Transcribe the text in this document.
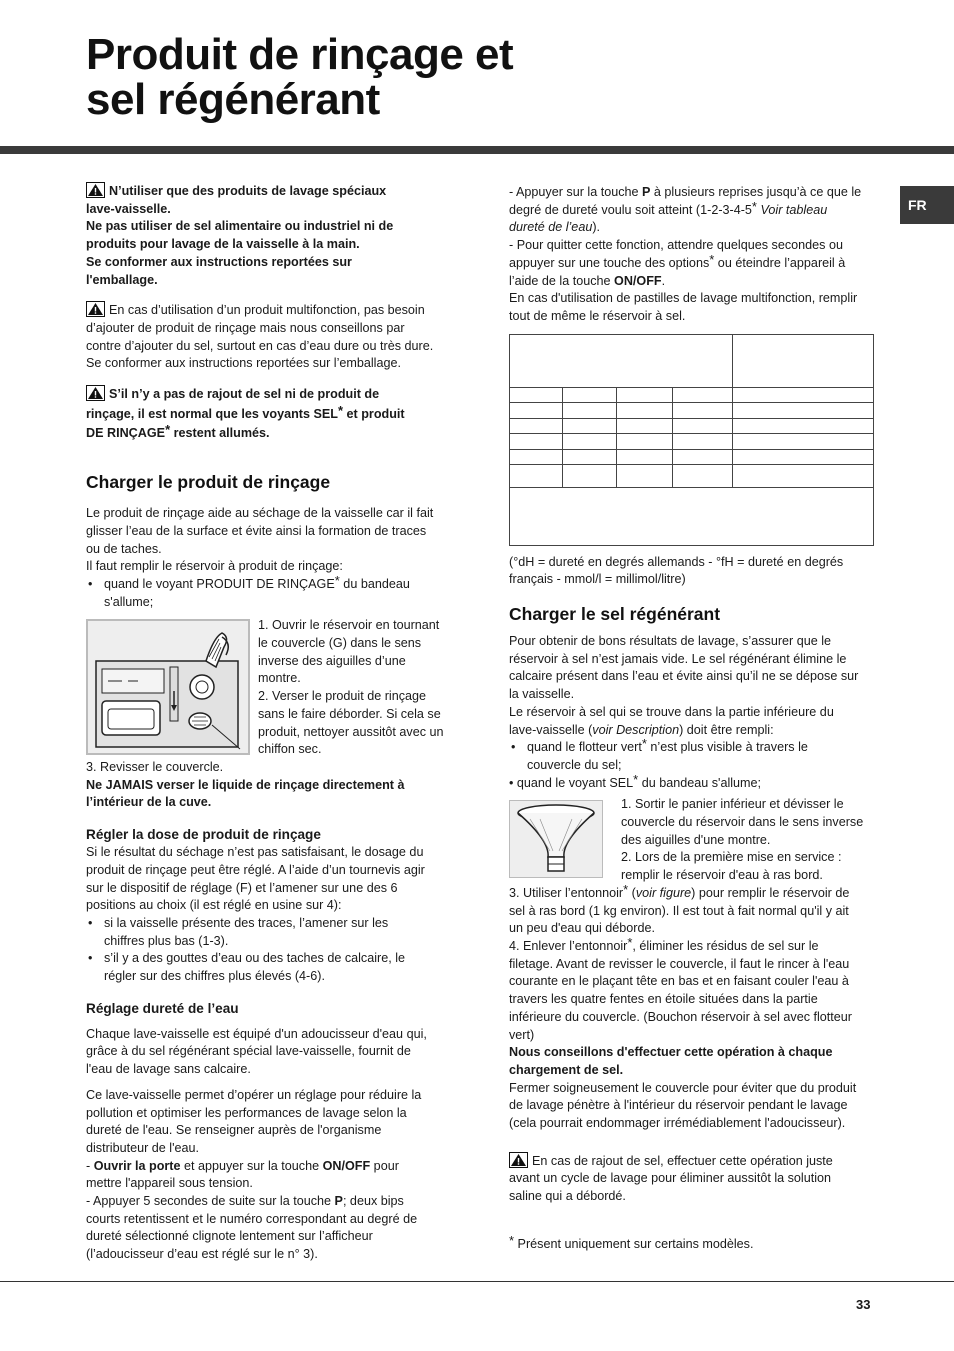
Produit de rinçage et
sel régénérant
FR

N’utiliser que des produits de lavage spéciaux

lave-vaisselle.

Ne pas utiliser de sel alimentaire ou industriel ni de

produits pour lavage de la vaisselle à la main.

Se conformer aux instructions reportées sur

l'emballage.

En cas d’utilisation d’un produit multifonction, pas besoin

d’ajouter de produit de rinçage mais nous conseillons par

contre d’ajouter du sel, surtout en cas d’eau dure ou très dure.

Se conformer aux instructions reportées sur l’emballage.

S’il n’y a pas de rajout de sel ni de produit de

rinçage, il est normal que les voyants SEL* et produit

DE RINÇAGE* restent allumés.

Charger le produit de rinçage

Le produit de rinçage aide au séchage de la vaisselle car il fait

glisser l’eau de la surface et évite ainsi la formation de traces

ou de taches.

Il faut remplir le réservoir à produit de rinçage:

• quand le voyant PRODUIT DE RINÇAGE* du bandeau

s'allume;

1. Ouvrir le réservoir en tournant

le couvercle (G) dans le sens

inverse des aiguilles d’une

montre.

2. Verser le produit de rinçage

sans le faire déborder. Si cela se

produit, nettoyer aussitôt avec un

chiffon sec.

3. Revisser le couvercle.

Ne JAMAIS verser le liquide de rinçage directement à

l’intérieur de la cuve.

Régler la dose de produit de rinçage

Si le résultat du séchage n’est pas satisfaisant, le dosage du

produit de rinçage peut être réglé. A l’aide d’un tournevis agir

sur le dispositif de réglage (F) et l’amener sur une des 6

positions au choix (il est réglé en usine sur 4):

• si la vaisselle présente des traces, l’amener sur les

chiffres plus bas (1-3).

• s’il y a des gouttes d’eau ou des taches de calcaire, le

régler sur des chiffres plus élevés (4-6).

Réglage dureté de l’eau

Chaque lave-vaisselle est équipé d'un adoucisseur d'eau qui,

grâce à du sel régénérant spécial lave-vaisselle, fournit de

l'eau de lavage sans calcaire.

Ce lave-vaisselle permet d’opérer un réglage pour réduire la

pollution et optimiser les performances de lavage selon la

dureté de l'eau. Se renseigner auprès de l'organisme

distributeur de l'eau.

- Ouvrir la porte et appuyer sur la touche ON/OFF pour

mettre l'appareil sous tension.

- Appuyer 5 secondes de suite sur la touche P; deux bips

courts retentissent et le numéro correspondant au degré de

dureté sélectionné clignote lentement sur l’afficheur

(l’adoucisseur d’eau est réglé sur le n° 3).

- Appuyer sur la touche P à plusieurs reprises jusqu’à ce que le

degré de dureté voulu soit atteint (1-2-3-4-5* Voir tableau

dureté de l’eau).

- Pour quitter cette fonction, attendre quelques secondes ou

appuyer sur une touche des options* ou éteindre l’appareil à

l’aide de la touche ON/OFF.

En cas d'utilisation de pastilles de lavage multifonction, remplir

tout de même le réservoir à sel.

(°dH = dureté en degrés allemands - °fH = dureté en degrés

français - mmol/l = millimol/litre)

Charger le sel régénérant

Pour obtenir de bons résultats de lavage, s’assurer que le

réservoir à sel n’est jamais vide. Le sel régénérant élimine le

calcaire présent dans l’eau et évite ainsi qu’il ne se dépose sur

la vaisselle.

Le réservoir à sel qui se trouve dans la partie inférieure du

lave-vaisselle (voir Description) doit être rempli:

• quand le flotteur vert* n’est plus visible à travers le

couvercle du sel;

• quand le voyant SEL* du bandeau s'allume;

1. Sortir le panier inférieur et dévisser le

couvercle du réservoir dans le sens inverse

des aiguilles d'une montre.

2. Lors de la première mise en service :

remplir le réservoir d'eau à ras bord.

3. Utiliser l’entonnoir* (voir figure) pour remplir le réservoir de

sel à ras bord (1 kg environ). Il est tout à fait normal qu'il y ait

un peu d'eau qui déborde.

4. Enlever l’entonnoir*, éliminer les résidus de sel sur le

filetage. Avant de revisser le couvercle, il faut le rincer à l'eau

courante en le plaçant tête en bas et en faisant couler l'eau à

travers les quatre fentes en étoile situées dans la partie

inférieure du couvercle. (Bouchon réservoir à sel avec flotteur

vert)

Nous conseillons d'effectuer cette opération à chaque

chargement de sel.

Fermer soigneusement le couvercle pour éviter que du produit

de lavage pénètre à l'intérieur du réservoir pendant le lavage

(cela pourrait endommager irrémédiablement l'adoucisseur).

En cas de rajout de sel, effectuer cette opération juste

avant un cycle de lavage pour éliminer aussitôt la solution

saline qui a débordé.

* Présent uniquement sur certains modèles.

33
